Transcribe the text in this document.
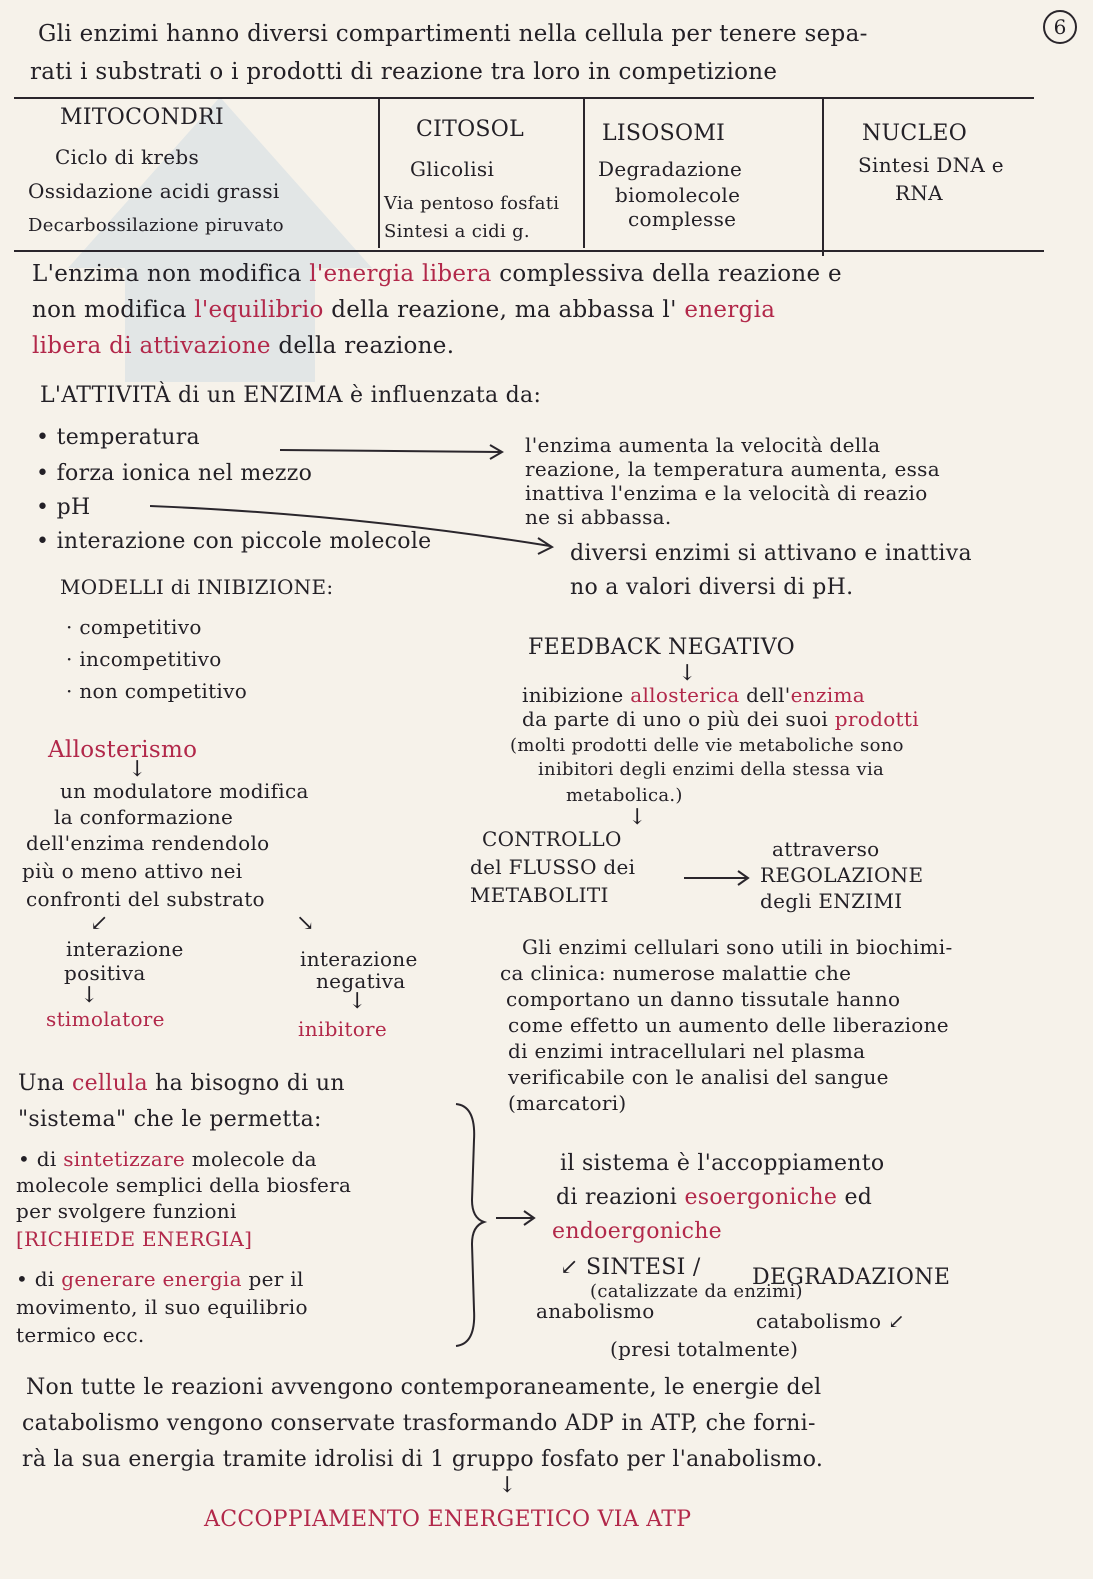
6
Gli enzimi hanno diversi compartimenti nella cellula per tenere sepa-
rati i substrati o i prodotti di reazione tra loro in competizione
MITOCONDRI
Ciclo di krebs
Ossidazione acidi grassi
Decarbossilazione piruvato
CITOSOL
Glicolisi
Via pentoso fosfati
Sintesi a cidi g.
LISOSOMI
Degradazione
biomolecole
complesse
NUCLEO
Sintesi DNA e
RNA
L'enzima non modifica l'energia libera complessiva della reazione e
non modifica l'equilibrio della reazione, ma abbassa l' energia
libera di attivazione della reazione.
L'ATTIVITÀ di un ENZIMA è influenzata da:
• temperatura
• forza ionica nel mezzo
• pH
• interazione con piccole molecole
l'enzima aumenta la velocità della
reazione, la temperatura aumenta, essa
inattiva l'enzima e la velocità di reazio
ne si abbassa.
diversi enzimi si attivano e inattiva
no a valori diversi di pH.
MODELLI di INIBIZIONE:
· competitivo
· incompetitivo
· non competitivo
FEEDBACK NEGATIVO
↓
inibizione allosterica dell'enzima
da parte di uno o più dei suoi prodotti
(molti prodotti delle vie metaboliche sono
inibitori degli enzimi della stessa via
metabolica.)
↓
CONTROLLO
del FLUSSO dei
METABOLITI
attraverso
REGOLAZIONE
degli ENZIMI
Allosterismo
↓
un modulatore modifica
la conformazione
dell'enzima rendendolo
più o meno attivo nei
confronti del substrato
↙	↘
interazione
positiva
interazione
negativa
↓	↓
stimolatore	inibitore
Gli enzimi cellulari sono utili in biochimi-
ca clinica: numerose malattie che
comportano un danno tissutale hanno
come effetto un aumento delle liberazione
di enzimi intracellulari nel plasma
verificabile con le analisi del sangue
(marcatori)
Una cellula ha bisogno di un
"sistema" che le permetta:
• di sintetizzare molecole da
molecole semplici della biosfera
per svolgere funzioni
[RICHIEDE ENERGIA]
• di generare energia per il
movimento, il suo equilibrio
termico ecc.
il sistema è l'accoppiamento
di reazioni esoergoniche ed
endoergoniche
↙ SINTESI / DEGRADAZIONE
(catalizzate da enzimi)
anabolismo	catabolismo ↙
(presi totalmente)
Non tutte le reazioni avvengono contemporaneamente, le energie del
catabolismo vengono conservate trasformando ADP in ATP, che forni-
rà la sua energia tramite idrolisi di 1 gruppo fosfato per l'anabolismo.
↓
ACCOPPIAMENTO ENERGETICO VIA ATP
